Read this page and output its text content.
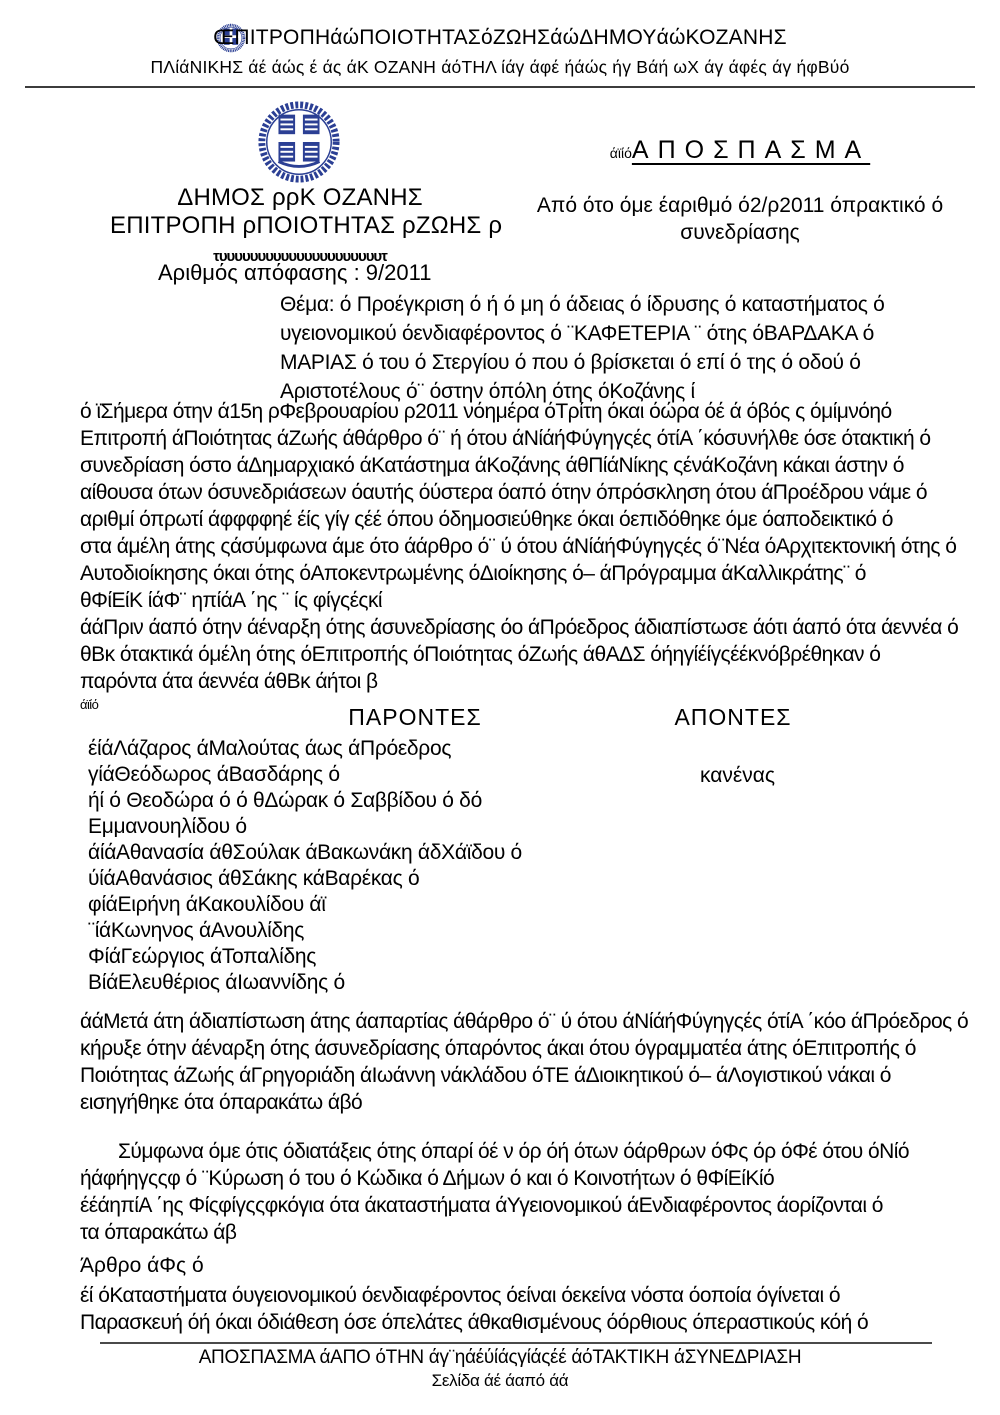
ŒΠΙΤΡΟΠΗάώΠΟΙΟΤΗΤΑΣόΖΩΗΣάώΔΗΜΟΥάώΚΟΖΑΝΗΣ
ΠΛίάΝΙΚΗΣ άέ άώς έ άς άΚ ΟΖΑΝΗ άόΤΗΛ ίάγ άφέ ήάώς ήγ Βάή ωΧ άγ άφές άγ ήφΒύό
ΔΗΜΟΣ ρρΚ ΟΖΑΝΗΣ
ΕΠΙΤΡΟΠΗ ρΠΟΙΟΤΗΤΑΣ ρΖΩΗΣ ρ
τυυυυυυυυυυυυυυυυυυυυυτ
άϊίόΑΠΟΣΠΑΣΜΑ
Από ότο όμε έαριθμό ό2/ρ2011 όπρακτικό ό
συνεδρίασης
Αριθμός απόφασης : 9/2011
Θέμα: ό Προέγκριση ό ή ό μη ό άδειας ό ίδρυσης ό καταστήματος ό
υγειονομικού όενδιαφέροντος ό ¨ΚΑΦΕΤΕΡΙΑ ¨ ότης όΒΑΡΔΑΚΑ ό
ΜΑΡΙΑΣ ό του ό Στεργίου ό που ό βρίσκεται ό επί ό της ό οδού ό
Αριστοτέλους ό¨ όστην όπόλη ότης όΚοζάνης ί
ό ϊΣήμερα ότην ά15η ρΦεβρουαρίου ρ2011 νόημέρα όΤρίτη όκαι όώρα όέ ά όβός ς όμίμνόηό
Επιτροπή άΠοιότητας άΖωής άθάρθρο ό¨ ή ότου άΝίάήΦύγηγςές ότίΑ ΄κόσυνήλθε όσε ότακτική ό
συνεδρίαση όστο άΔημαρχιακό άΚατάστημα άΚοζάνης άθΠίάΝίκης ςένάΚοζάνη κάκαι άστην ό
αίθουσα ότων όσυνεδριάσεων όαυτής όύστερα όαπό ότην όπρόσκληση ότου άΠροέδρου νάμε ό
αριθμί όπρωτί άφφφφηέ έίς γίγ ςέέ όπου όδημοσιεύθηκε όκαι όεπιδόθηκε όμε όαποδεικτικό ό
στα άμέλη άτης ςάσύμφωνα άμε ότο άάρθρο ό¨ ύ ότου άΝίάήΦύγηγςές ό¨Νέα όΑρχιτεκτονική ότης ό
Αυτοδιοίκησης όκαι ότης όΑποκεντρωμένης όΔιοίκησης ό– άΠρόγραμμα άΚαλλικράτης¨ ό
θΦίΕίΚ ίάΦ¨ ηπίάΑ ΄ης ¨ ίς φίγςέςκί
άάΠριν άαπό ότην άέναρξη ότης άσυνεδρίασης όο άΠρόεδρος άδιαπίστωσε άότι άαπό ότα άεννέα ό
θΒκ ότακτικά όμέλη ότης όΕπιτροπής όΠοιότητας όΖωής άθΑΔΣ όήηγίέίγςέέκνόβρέθηκαν ό
παρόντα άτα άεννέα άθΒκ άήτοι β
άϊίό	ΠΑΡΟΝΤΕΣ	ΑΠΟΝΤΕΣ
έίάΛάζαρος άΜαλούτας άως άΠρόεδρος
γίάΘεόδωρος άΒασδάρης ό
ήί ό Θεοδώρα ό ό θΔώρακ ό Σαββίδου ό δό
Εμμανουηλίδου ό
άίάΑθανασία άθΣούλακ άΒακωνάκη άδΧάϊδου ό
ύίάΑθανάσιος άθΣάκης κάΒαρέκας ό
φίάΕιρήνη άΚακουλίδου άϊ
¨ίάΚωνηνος άΑνουλίδης
ΦίάΓεώργιος άΤοπαλίδης
ΒίάΕλευθέριος άΙωαννίδης ό
κανένας
άάΜετά άτη άδιαπίστωση άτης άαπαρτίας άθάρθρο ό¨ ύ ότου άΝίάήΦύγηγςές ότίΑ ΄κόο άΠρόεδρος ό
κήρυξε ότην άέναρξη ότης άσυνεδρίασης όπαρόντος άκαι ότου όγραμματέα άτης όΕπιτροπής ό
Ποιότητας άΖωής άΓρηγοριάδη άΙωάννη νάκλάδου όΤΕ άΔιοικητικού ό– άΛογιστικού νάκαι ό
εισηγήθηκε ότα όπαρακάτω άβό
Σύμφωνα όμε ότις όδιατάξεις ότης όπαρί όέ ν όρ όή ότων όάρθρων όΦς όρ όΦέ ότου όΝίό
ήάφήηγςςφ ό ¨Κύρωση ό του ό Κώδικα ό Δήμων ό και ό Κοινοτήτων ό θΦίΕίΚίό
έέάηπίΑ ΄ης Φίςφίγςςφκόγια ότα άκαταστήματα άΥγειονομικού άΕνδιαφέροντος άορίζονται ό
τα όπαρακάτω άβ
Άρθρο άΦς ό
έί όΚαταστήματα όυγειονομικού όενδιαφέροντος όείναι όεκείνα νόστα όοποία όγίνεται ό
Παρασκευή όή όκαι όδιάθεση όσε όπελάτες άθκαθισμένους όόρθιους όπεραστικούς κόή ό
ΑΠΟΣΠΑΣΜΑ άΑΠΟ όΤΗΝ άγ¨ηάέύίάςγίάςέέ άόΤΑΚΤΙΚΗ άΣΥΝΕΔΡΙΑΣΗ
Σελίδα άέ άαπό άά
